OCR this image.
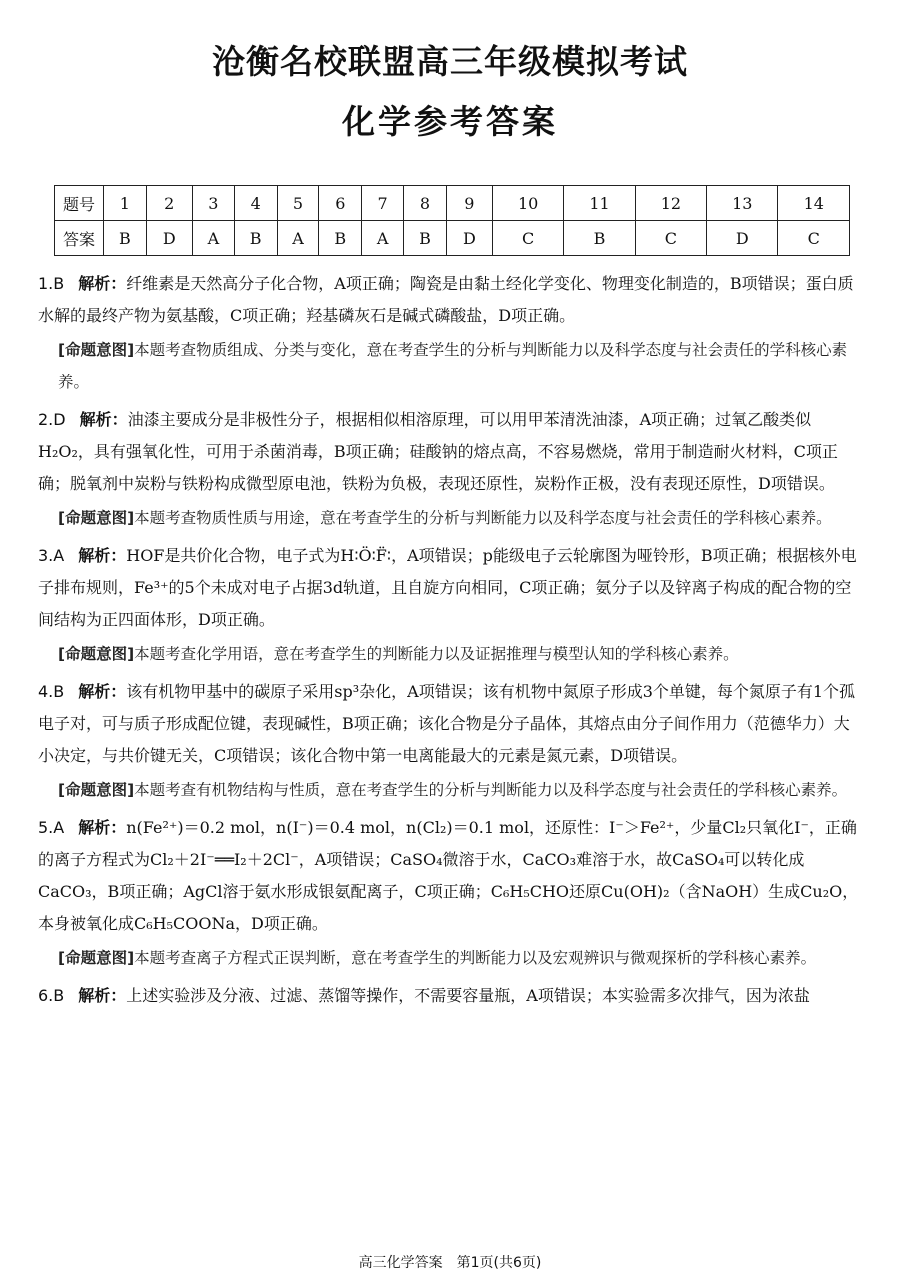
沧衡名校联盟高三年级模拟考试
化学参考答案
题号	1	2	3	4	5	6	7	8	9	10	11	12	13	14
答案	B	D	A	B	A	B	A	B	D	C	B	C	D	C

1.B 解析：纤维素是天然高分子化合物，A项正确；陶瓷是由黏土经化学变化、物理变化制造的，B项错误；蛋白质水解的最终产物为氨基酸，C项正确；羟基磷灰石是碱式磷酸盐，D项正确。

[命题意图]本题考查物质组成、分类与变化，意在考查学生的分析与判断能力以及科学态度与社会责任的学科核心素养。

2.D 解析：油漆主要成分是非极性分子，根据相似相溶原理，可以用甲苯清洗油漆，A项正确；过氧乙酸类似H₂O₂，具有强氧化性，可用于杀菌消毒，B项正确；硅酸钠的熔点高，不容易燃烧，常用于制造耐火材料，C项正确；脱氧剂中炭粉与铁粉构成微型原电池，铁粉为负极，表现还原性，炭粉作正极，没有表现还原性，D项错误。

[命题意图]本题考查物质性质与用途，意在考查学生的分析与判断能力以及科学态度与社会责任的学科核心素养。

3.A 解析：HOF是共价化合物，电子式为H∶Ö∶F̈∶，A项错误；p能级电子云轮廓图为哑铃形，B项正确；根据核外电子排布规则，Fe³⁺的5个未成对电子占据3d轨道，且自旋方向相同，C项正确；氨分子以及锌离子构成的配合物的空间结构为正四面体形，D项正确。

[命题意图]本题考查化学用语，意在考查学生的判断能力以及证据推理与模型认知的学科核心素养。

4.B 解析：该有机物甲基中的碳原子采用sp³杂化，A项错误；该有机物中氮原子形成3个单键，每个氮原子有1个孤电子对，可与质子形成配位键，表现碱性，B项正确；该化合物是分子晶体，其熔点由分子间作用力（范德华力）大小决定，与共价键无关，C项错误；该化合物中第一电离能最大的元素是氮元素，D项错误。

[命题意图]本题考查有机物结构与性质，意在考查学生的分析与判断能力以及科学态度与社会责任的学科核心素养。

5.A 解析：n(Fe²⁺)＝0.2 mol，n(I⁻)＝0.4 mol，n(Cl₂)＝0.1 mol，还原性：I⁻＞Fe²⁺，少量Cl₂只氧化I⁻，正确的离子方程式为Cl₂＋2I⁻══I₂＋2Cl⁻，A项错误；CaSO₄微溶于水，CaCO₃难溶于水，故CaSO₄可以转化成CaCO₃，B项正确；AgCl溶于氨水形成银氨配离子，C项正确；C₆H₅CHO还原Cu(OH)₂（含NaOH）生成Cu₂O，本身被氧化成C₆H₅COONa，D项正确。

[命题意图]本题考查离子方程式正误判断，意在考查学生的判断能力以及宏观辨识与微观探析的学科核心素养。

6.B 解析：上述实验涉及分液、过滤、蒸馏等操作，不需要容量瓶，A项错误；本实验需多次排气，因为浓盐

高三化学答案　第1页(共6页)
